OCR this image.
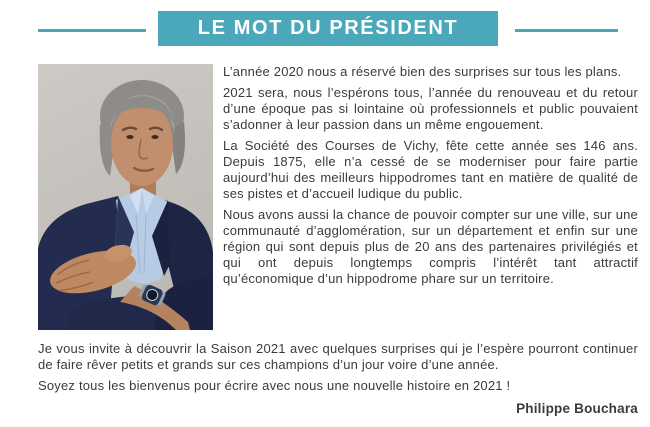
LE MOT DU PRÉSIDENT

L’année 2020 nous a réservé bien des surprises sur tous les plans.

2021 sera, nous l’espérons tous, l’année du renouveau et du retour d’une époque pas si lointaine où professionnels et public pouvaient s’adonner à leur passion dans un même engouement.

La Société des Courses de Vichy, fête cette année ses 146 ans. Depuis 1875, elle n’a cessé de se moderniser pour faire partie aujourd’hui des meilleurs hippodromes tant en matière de qualité de ses pistes et d’accueil ludique du public.

Nous avons aussi la chance de pouvoir compter sur une ville, sur une communauté d’agglomération, sur un département et enfin sur une région qui sont depuis plus de 20 ans des partenaires privilégiés et qui ont depuis longtemps compris l’intérêt tant attractif qu’économique d’un hippodrome phare sur un territoire.

Je vous invite à découvrir la Saison 2021 avec quelques surprises qui je l’espère pourront continuer de faire rêver petits et grands sur ces champions d’un jour voire d’une année.

Soyez tous les bienvenus pour écrire avec nous une nouvelle histoire en 2021 !

Philippe Bouchara
